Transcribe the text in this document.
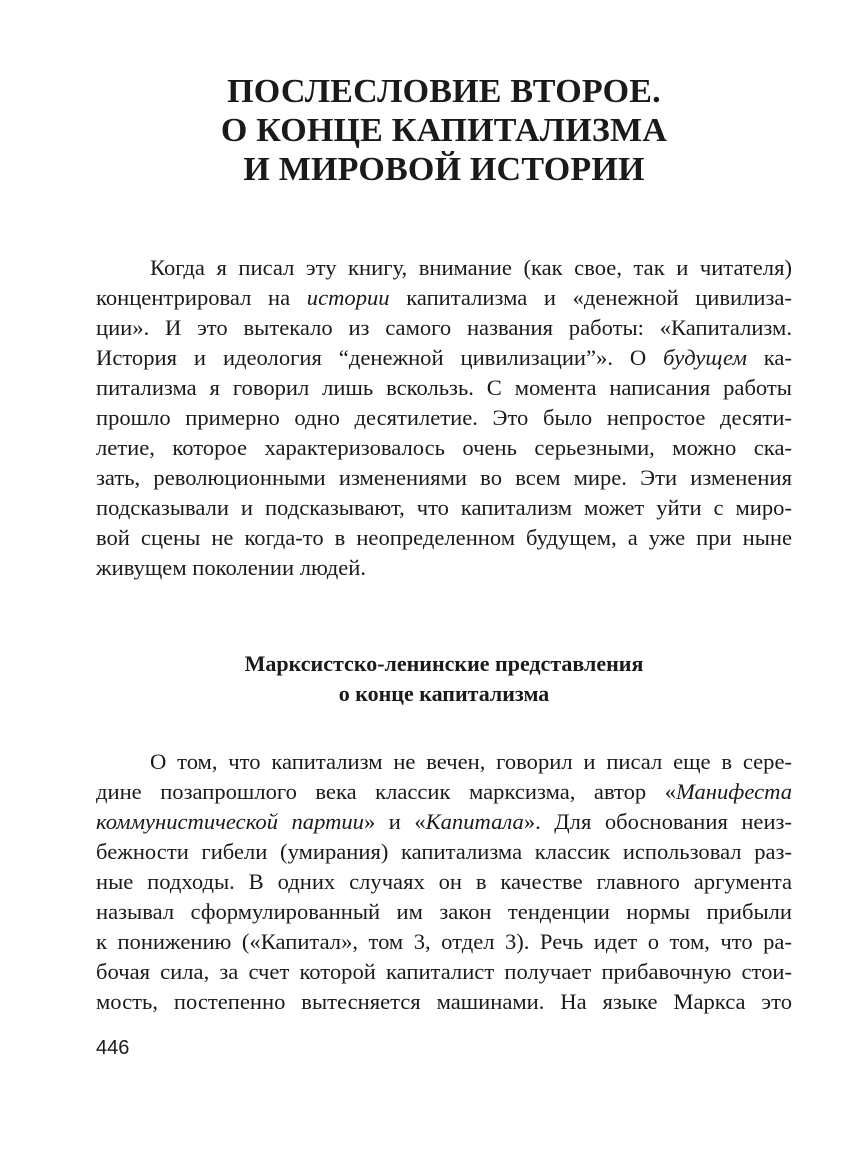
ПОСЛЕСЛОВИЕ ВТОРОЕ.
О КОНЦЕ КАПИТАЛИЗМА
И МИРОВОЙ ИСТОРИИ

Когда я писал эту книгу, внимание (как свое, так и читателя)
концентрировал на истории капитализма и «денежной цивилиза-
ции». И это вытекало из самого названия работы: «Капитализм.
История и идеология “денежной цивилизации”». О будущем ка-
питализма я говорил лишь вскользь. С момента написания работы
прошло примерно одно десятилетие. Это было непростое десяти-
летие, которое характеризовалось очень серьезными, можно ска-
зать, революционными изменениями во всем мире. Эти изменения
подсказывали и подсказывают, что капитализм может уйти с миро-
вой сцены не когда-то в неопределенном будущем, а уже при ныне
живущем поколении людей.

Марксистско-ленинские представления
о конце капитализма

О том, что капитализм не вечен, говорил и писал еще в сере-
дине позапрошлого века классик марксизма, автор «Манифеста
коммунистической партии» и «Капитала». Для обоснования неиз-
бежности гибели (умирания) капитализма классик использовал раз-
ные подходы. В одних случаях он в качестве главного аргумента
называл сформулированный им закон тенденции нормы прибыли
к понижению («Капитал», том 3, отдел 3). Речь идет о том, что ра-
бочая сила, за счет которой капиталист получает прибавочную стои-
мость, постепенно вытесняется машинами. На языке Маркса это

446
